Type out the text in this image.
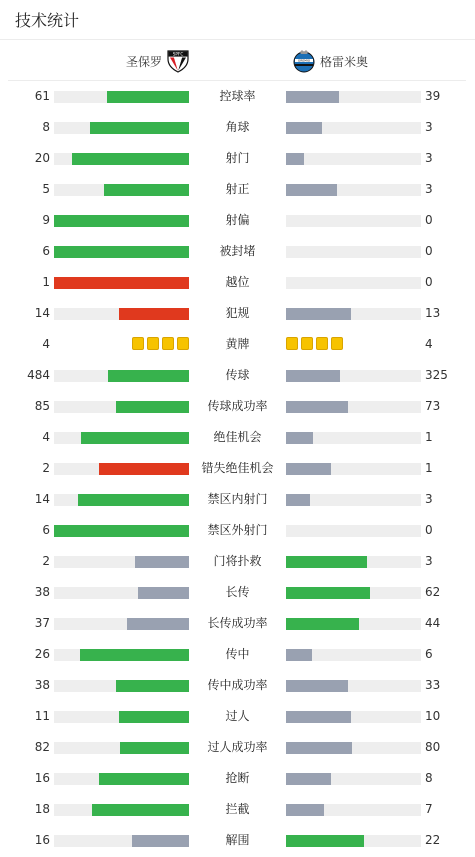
技术统计
圣保罗
SPFC
GREMIO 格雷米奥
61	控球率	39
8	角球	3
20	射门	3
5	射正	3
9	射偏	0
6	被封堵	0
1	越位	0
14	犯规	13
4	黄牌	4
484	传球	325
85	传球成功率	73
4	绝佳机会	1
2	错失绝佳机会	1
14	禁区内射门	3
6	禁区外射门	0
2	门将扑救	3
38	长传	62
37	长传成功率	44
26	传中	6
38	传中成功率	33
11	过人	10
82	过人成功率	80
16	抢断	8
18	拦截	7
16	解围	22
